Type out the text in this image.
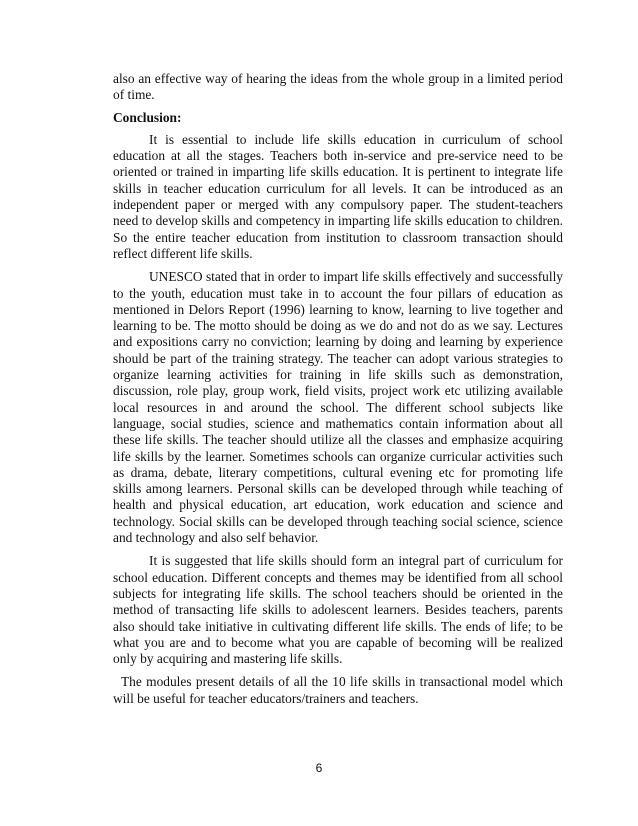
also an effective way of hearing the ideas from the whole group in a limited period of time.

Conclusion:

It is essential to include life skills education in curriculum of school education at all the stages. Teachers both in-service and pre-service need to be oriented or trained in imparting life skills education. It is pertinent to integrate life skills in teacher education curriculum for all levels. It can be introduced as an independent paper or merged with any compulsory paper. The student-teachers need to develop skills and competency in imparting life skills education to children. So the entire teacher education from institution to classroom transaction should reflect different life skills.

UNESCO stated that in order to impart life skills effectively and successfully to the youth, education must take in to account the four pillars of education as mentioned in Delors Report (1996) learning to know, learning to live together and learning to be. The motto should be doing as we do and not do as we say. Lectures and expositions carry no conviction; learning by doing and learning by experience should be part of the training strategy. The teacher can adopt various strategies to organize learning activities for training in life skills such as demonstration, discussion, role play, group work, field visits, project work etc utilizing available local resources in and around the school. The different school subjects like language, social studies, science and mathematics contain information about all these life skills. The teacher should utilize all the classes and emphasize acquiring life skills by the learner. Sometimes schools can organize curricular activities such as drama, debate, literary competitions, cultural evening etc for promoting life skills among learners. Personal skills can be developed through while teaching of health and physical education, art education, work education and science and technology. Social skills can be developed through teaching social science, science and technology and also self behavior.

It is suggested that life skills should form an integral part of curriculum for school education. Different concepts and themes may be identified from all school subjects for integrating life skills. The school teachers should be oriented in the method of transacting life skills to adolescent learners. Besides teachers, parents also should take initiative in cultivating different life skills. The ends of life; to be what you are and to become what you are capable of becoming will be realized only by acquiring and mastering life skills.

The modules present details of all the 10 life skills in transactional model which will be useful for teacher educators/trainers and teachers.

6
